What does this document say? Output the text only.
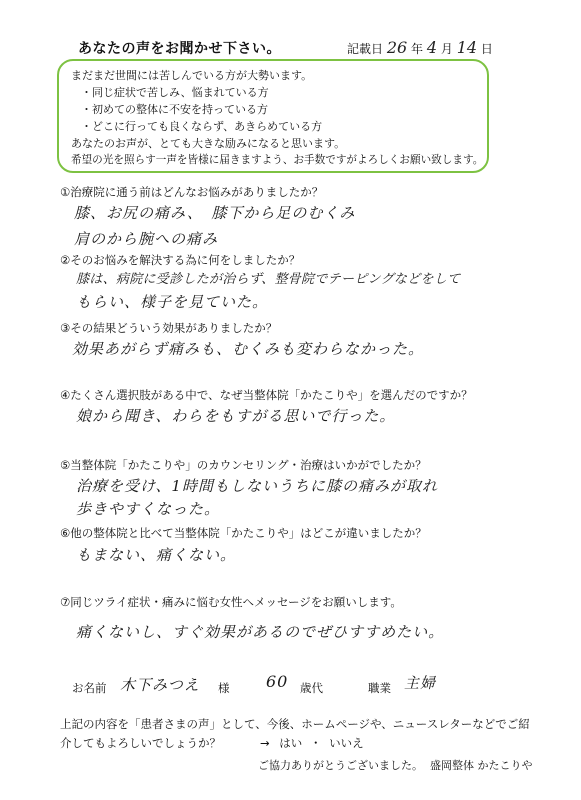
あなたの声をお聞かせ下さい。	記載日 26 年 4 月 14 日
まだまだ世間には苦しんでいる方が大勢います。
・同じ症状で苦しみ、悩まれている方
・初めての整体に不安を持っている方
・どこに行っても良くならず、あきらめている方
あなたのお声が、とても大きな励みになると思います。
希望の光を照らす一声を皆様に届きますよう、お手数ですがよろしくお願い致します。
①治療院に通う前はどんなお悩みがありましたか？
膝、お尻の痛み、　膝下から足のむくみ
肩のから腕への痛み
②そのお悩みを解決する為に何をしましたか？
膝は、病院に受診したが治らず、整骨院でテーピングなどをして
もらい、様子を見ていた。
③その結果どういう効果がありましたか？
効果あがらず痛みも、むくみも変わらなかった。
④たくさん選択肢がある中で、なぜ当整体院「かたこりや」を選んだのですか？
娘から聞き、わらをもすがる思いで行った。
⑤当整体院「かたこりや」のカウンセリング・治療はいかがでしたか？
治療を受け、1時間もしないうちに膝の痛みが取れ
歩きやすくなった。
⑥他の整体院と比べて当整体院「かたこりや」はどこが違いましたか？
もまない、痛くない。
⑦同じツライ症状・痛みに悩む女性へメッセージをお願いします。
痛くないし、すぐ効果があるのでぜひすすめたい。
お名前 木下みつえ 様 60 歳代	職業 主婦
上記の内容を「患者さまの声」として、今後、ホームページや、ニュースレターなどでご紹
介してもよろしいでしょうか？	→ はい ・ いいえ
ご協力ありがとうございました。 盛岡整体 かたこりや
